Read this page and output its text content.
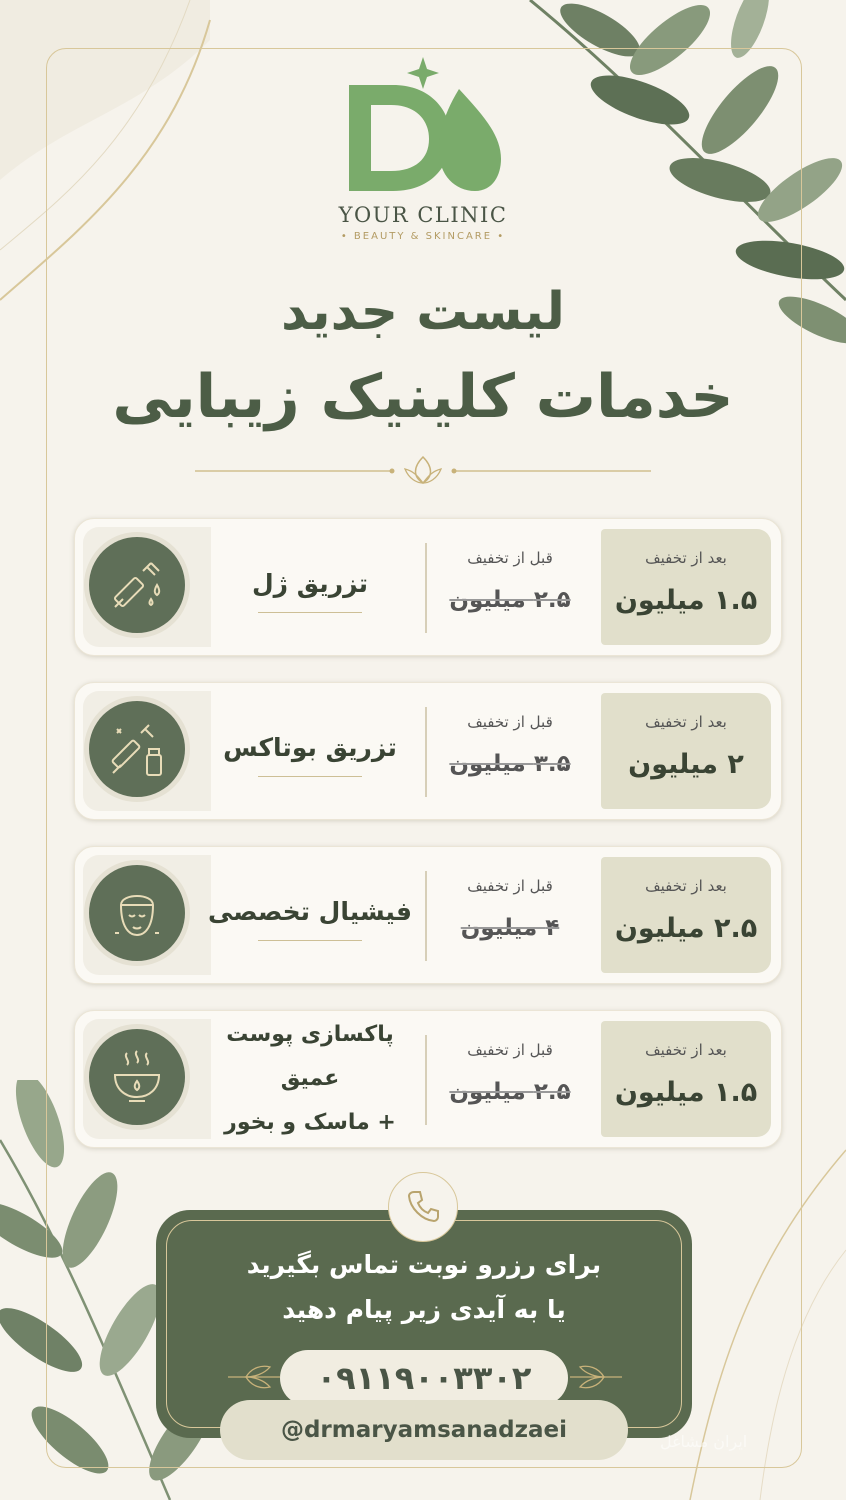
YOUR CLINIC
• BEAUTY & SKINCARE •
لیست جدید
خدمات کلینیک زیبایی
تزریق ژل
قبل از تخفیف
۲.۵ میلیون
بعد از تخفیف
۱.۵ میلیون
تزریق بوتاکس
قبل از تخفیف
۳.۵ میلیون
بعد از تخفیف
۲ میلیون
فیشیال تخصصی
قبل از تخفیف
۴ میلیون
بعد از تخفیف
۲.۵ میلیون
پاکسازی پوست عمیق
+ ماسک و بخور
قبل از تخفیف
۲.۵ میلیون
بعد از تخفیف
۱.۵ میلیون
برای رزرو نوبت تماس بگیرید
یا به آیدی زیر پیام دهید
۰۹۱۱۹۰۰۳۳۰۲
@drmaryamsanadzaei	ایران مشاغل
